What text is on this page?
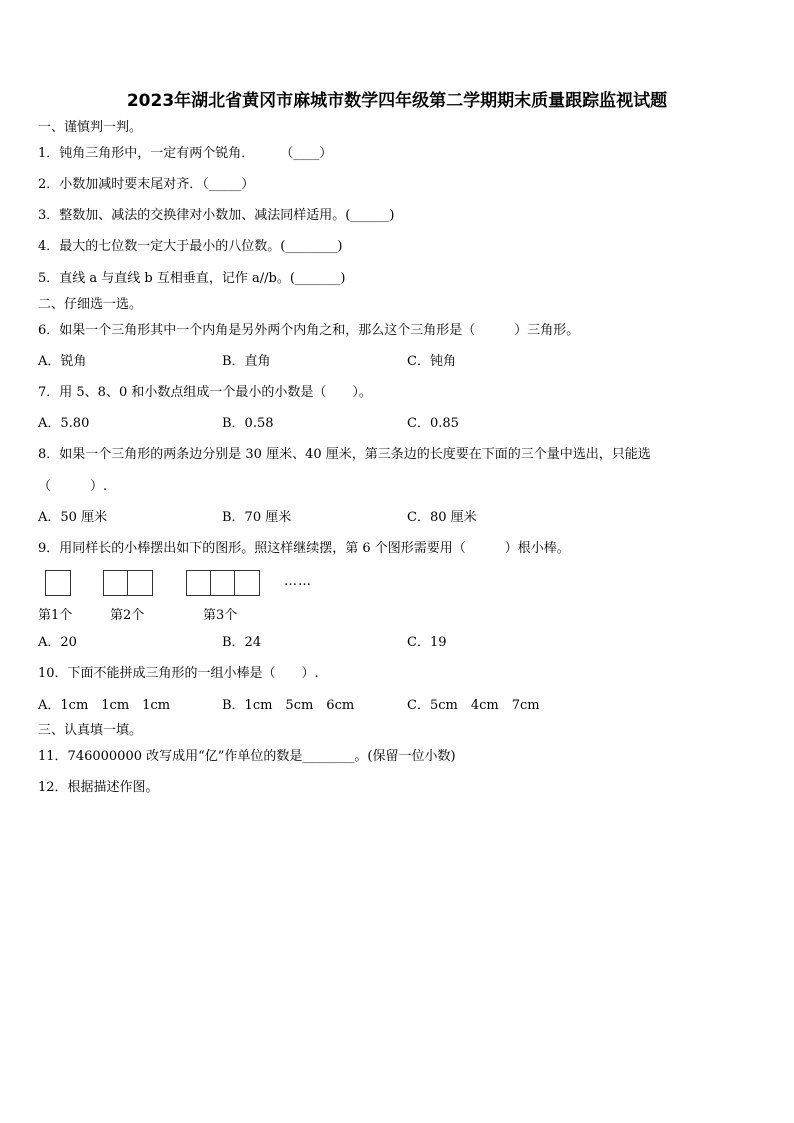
2023年湖北省黄冈市麻城市数学四年级第二学期期末质量跟踪监视试题
一、谨慎判一判。
1．钝角三角形中，一定有两个锐角．　　　（____）
2．小数加减时要末尾对齐．（_____）
3．整数加、减法的交换律对小数加、减法同样适用。(______)
4．最大的七位数一定大于最小的八位数。(________)
5．直线 a 与直线 b 互相垂直，记作 a//b。(_______)
二、仔细选一选。
6．如果一个三角形其中一个内角是另外两个内角之和，那么这个三角形是（　　　）三角形。
A．锐角	B．直角	C．钝角
7．用 5、8、0 和小数点组成一个最小的小数是（　　）。
A．5.80	B．0.58	C．0.85
8．如果一个三角形的两条边分别是 30 厘米、40 厘米，第三条边的长度要在下面的三个量中选出，只能选
（　　　）.
A．50 厘米	B．70 厘米	C．80 厘米
9．用同样长的小棒摆出如下的图形。照这样继续摆，第 6 个图形需要用（　　　）根小棒。
……
第1个	第2个	第3个
A．20	B．24	C．19
10．下面不能拼成三角形的一组小棒是（　　）.
A．1cm　1cm　1cm	B．1cm　5cm　6cm	C．5cm　4cm　7cm
三、认真填一填。
11．746000000 改写成用“亿”作单位的数是________。(保留一位小数)
12．根据描述作图。
